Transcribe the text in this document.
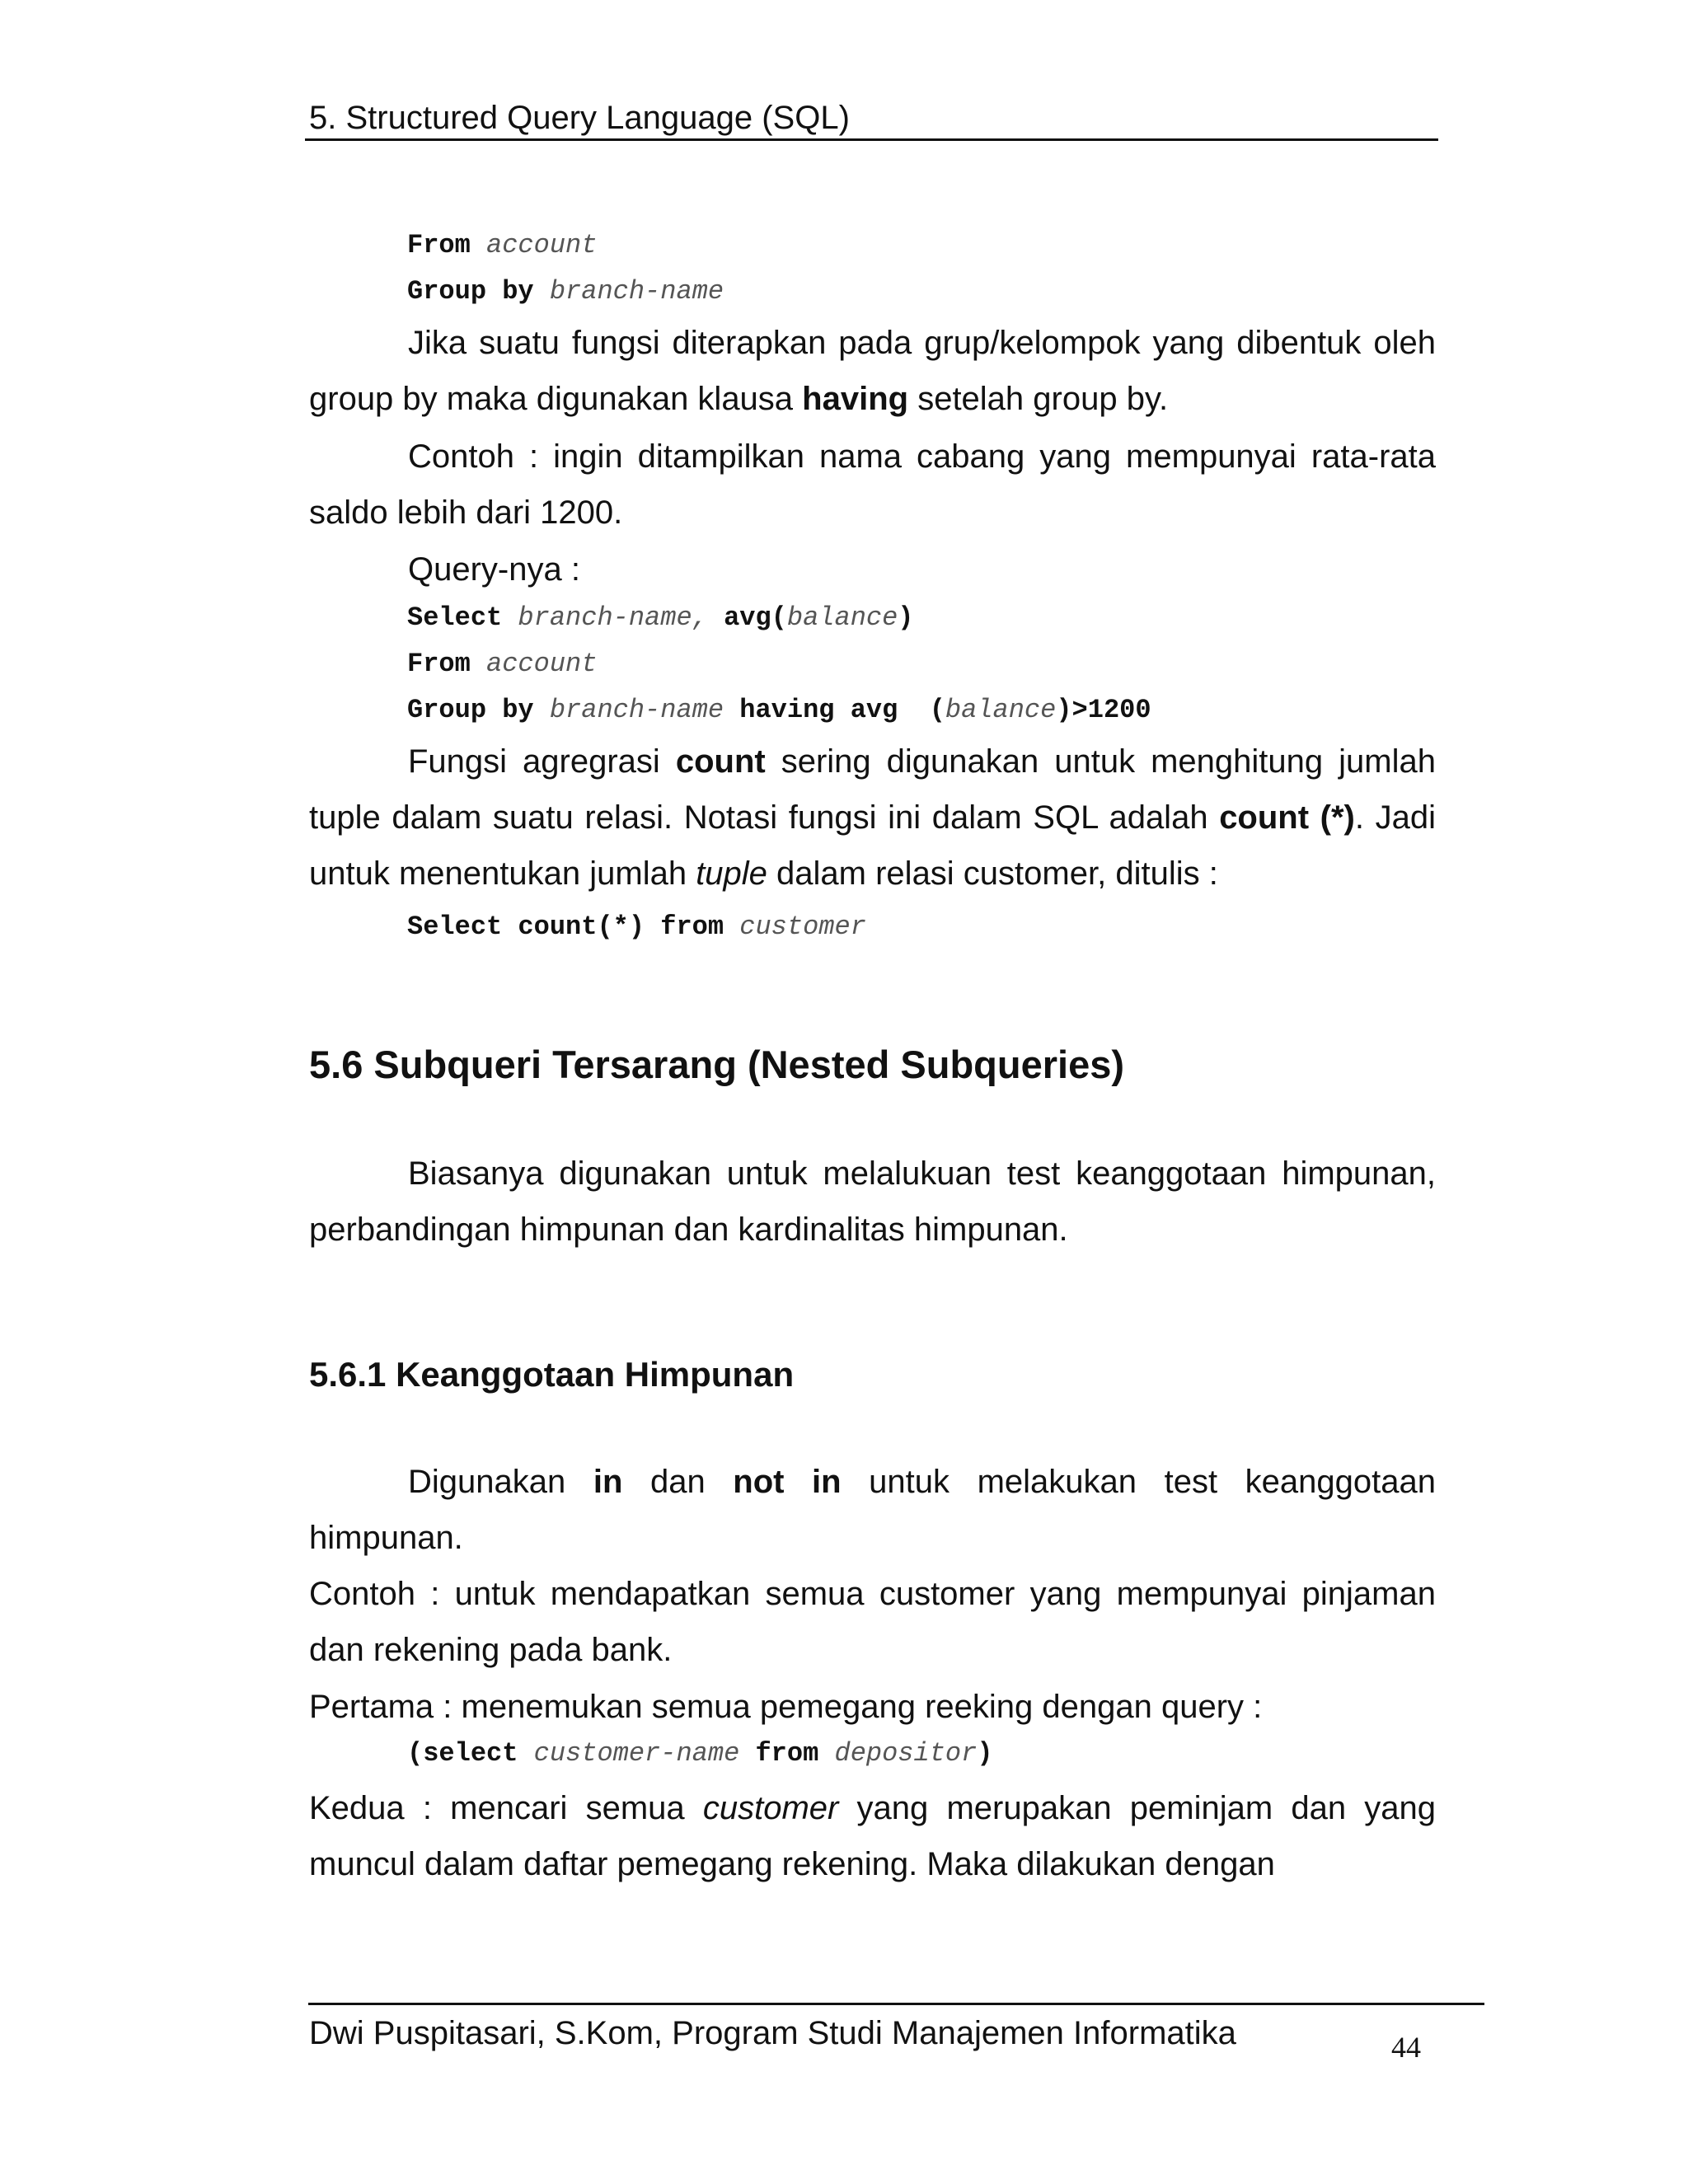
5. Structured Query Language (SQL)
From account
Group by branch-name

Jika suatu fungsi diterapkan pada grup/kelompok yang dibentuk oleh group by maka digunakan klausa having setelah group by.

Contoh : ingin ditampilkan nama cabang yang mempunyai rata-rata saldo lebih dari 1200.

Query-nya :

Select branch-name, avg(balance)
From account
Group by branch-name having avg (balance)>1200

Fungsi agregrasi count sering digunakan untuk menghitung jumlah tuple dalam suatu relasi. Notasi fungsi ini dalam SQL adalah count (*). Jadi untuk menentukan jumlah tuple dalam relasi customer, ditulis :

Select count(*) from customer
5.6 Subqueri Tersarang (Nested Subqueries)

Biasanya digunakan untuk melalukuan test keanggotaan himpunan, perbandingan himpunan dan kardinalitas himpunan.

5.6.1 Keanggotaan Himpunan

Digunakan in dan not in untuk melakukan test keanggotaan himpunan.

Contoh : untuk mendapatkan semua customer yang mempunyai pinjaman dan rekening pada bank.

Pertama : menemukan semua pemegang reeking dengan query :

(select customer-name from depositor)

Kedua : mencari semua customer yang merupakan peminjam dan yang muncul dalam daftar pemegang rekening. Maka dilakukan dengan

Dwi Puspitasari, S.Kom, Program Studi Manajemen Informatika	44
